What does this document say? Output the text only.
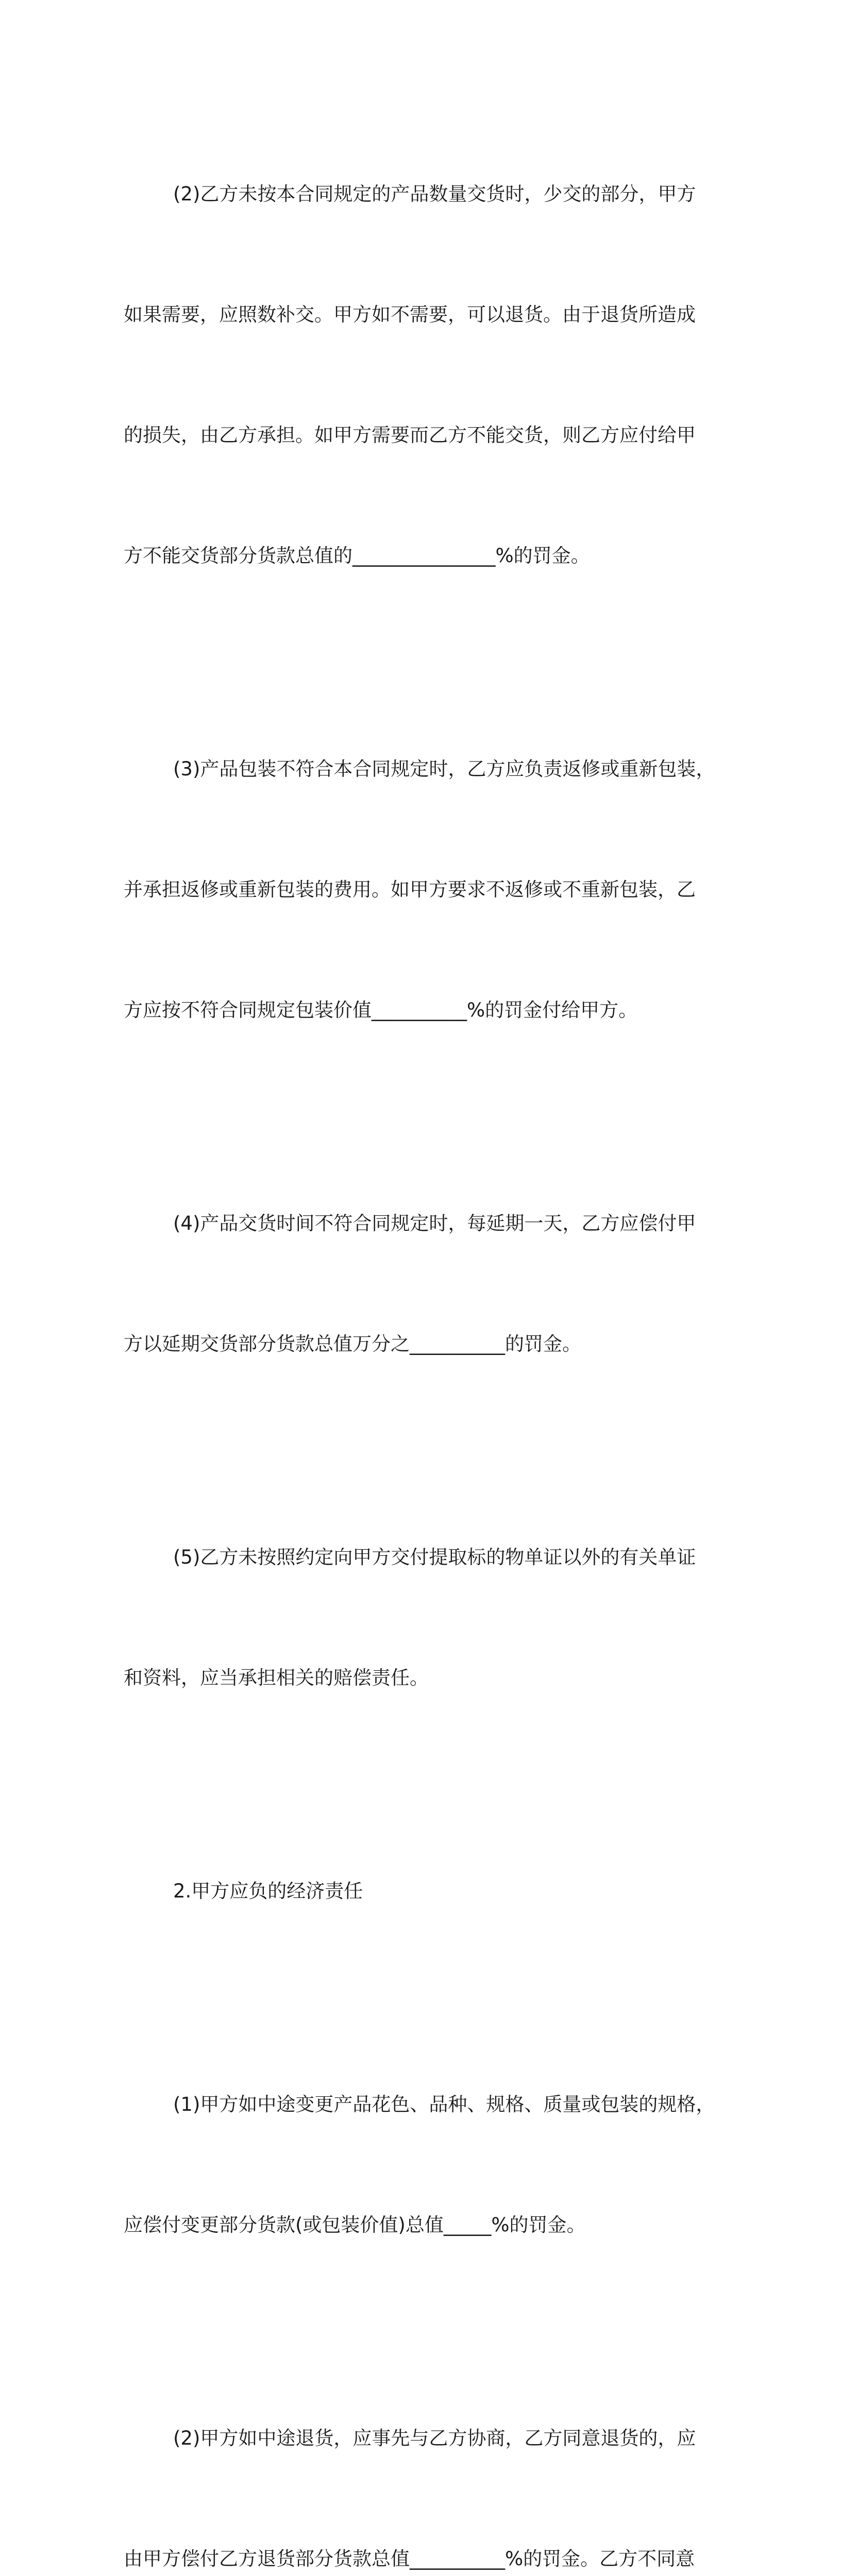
(2)乙方未按本合同规定的产品数量交货时，少交的部分，甲方

如果需要，应照数补交。甲方如不需要，可以退货。由于退货所造成

的损失，由乙方承担。如甲方需要而乙方不能交货，则乙方应付给甲

方不能交货部分货款总值的_______________%的罚金。

(3)产品包装不符合本合同规定时，乙方应负责返修或重新包装，

并承担返修或重新包装的费用。如甲方要求不返修或不重新包装，乙

方应按不符合同规定包装价值__________%的罚金付给甲方。

(4)产品交货时间不符合同规定时，每延期一天，乙方应偿付甲

方以延期交货部分货款总值万分之__________的罚金。

(5)乙方未按照约定向甲方交付提取标的物单证以外的有关单证

和资料，应当承担相关的赔偿责任。

2.甲方应负的经济责任

(1)甲方如中途变更产品花色、品种、规格、质量或包装的规格，

应偿付变更部分货款(或包装价值)总值_____%的罚金。

(2)甲方如中途退货，应事先与乙方协商，乙方同意退货的，应

由甲方偿付乙方退货部分货款总值__________%的罚金。乙方不同意
